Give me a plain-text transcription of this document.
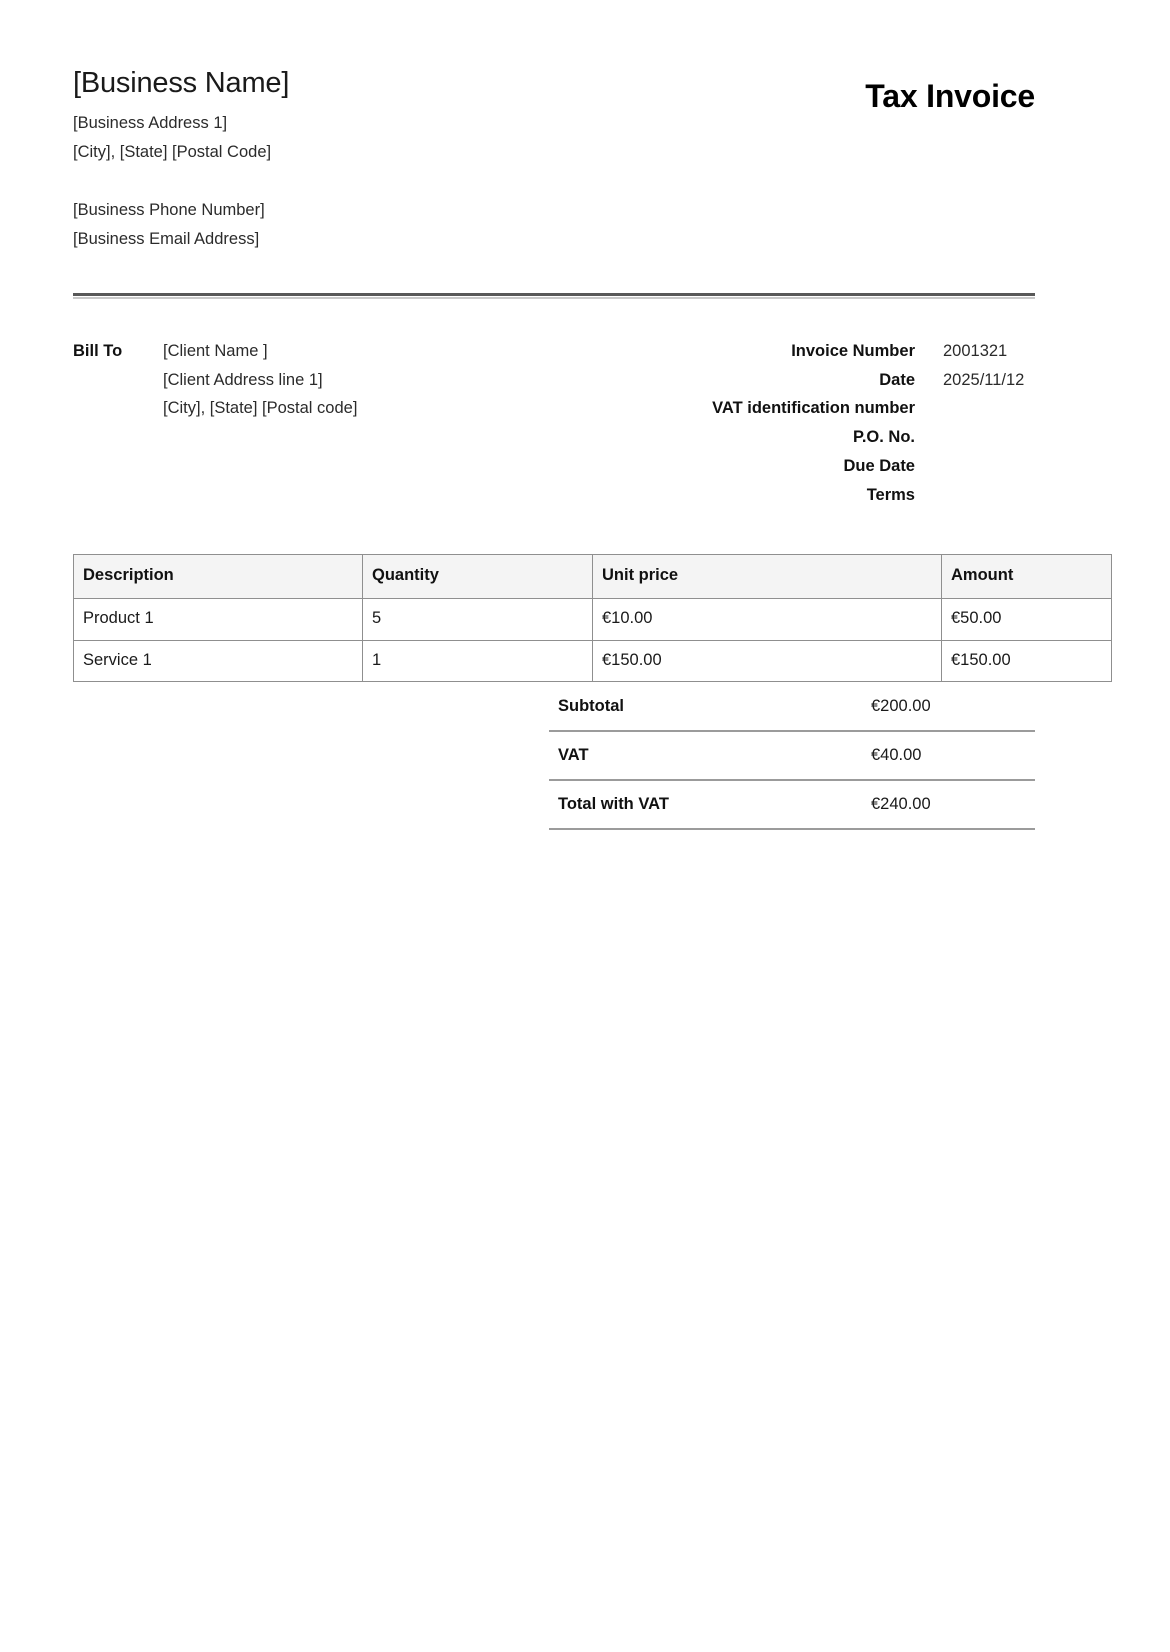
[Business Name]
[Business Address 1]
[City], [State] [Postal Code]
[Business Phone Number]
[Business Email Address]
Tax Invoice
Bill To	[Client Name ]
[Client Address line 1]
[City], [State] [Postal code]
Invoice Number	2001321
Date	2025/11/12
VAT identification number	
P.O. No.	
Due Date	
Terms	
Description	Quantity	Unit price	Amount
Product 1	5	€10.00	€50.00
Service 1	1	€150.00	€150.00
Subtotal	€200.00
VAT	€40.00
Total with VAT	€240.00
